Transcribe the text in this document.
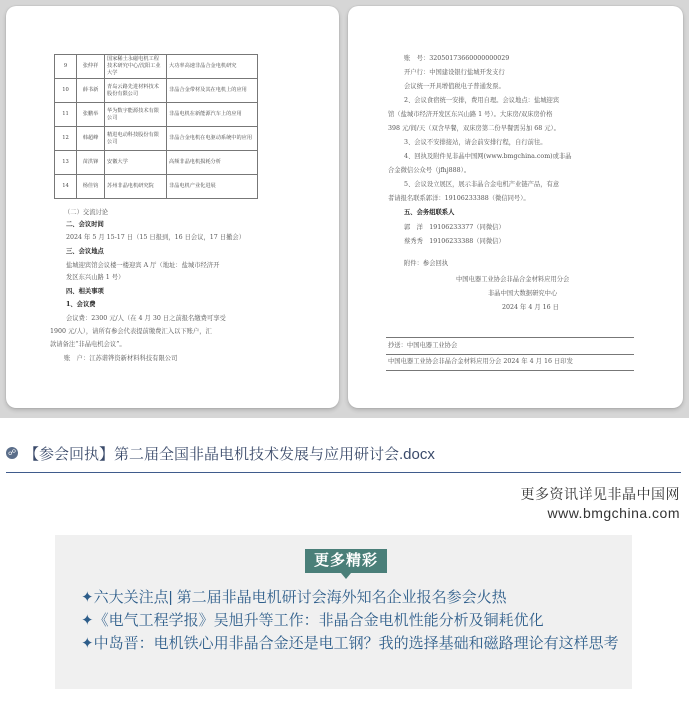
9	张仲祥	国家稀土永磁电机工程技术研究中心/沈阳工业大学	大功率高速非晶合金电机研究
10	薛书新	青岛云路先进材料技术股份有限公司	非晶合金带材及其在电机上的应用
11	张鹏举	华为数字能源技术有限公司	非晶电机在新能源汽车上的应用
12	韩超峰	精进电动科技股份有限公司	非晶合金电机在电驱动系统中的应用
13	苗洪锋	安徽大学	高频非晶电机损耗分析
14	杨佳钧	苏州非晶电机研究院	非晶电机产业化进展
（二）交流讨论
二、会议时间
2024 年 5 月 15-17 日（15 日报到，16 日会议，17 日撤会）
三、会议地点
盐城迎宾馆会议楼一楼迎宾 A 厅（地址：盐城市经济开
发区东兴山路 1 号）
四、相关事项
1、会议费
会议费：2300 元/人（在 4 月 30 日之前报名缴费可享受
1900 元/人），请所有参会代表提前缴费汇入以下账户，汇
款请备注“非晶电机会议”。
账　户：江苏谐铧资新材料科技有限公司
账　号：32050173660000000029
开户行：中国建设银行盐城开发支行
会议统一开具增值税电子普通发票。
2、会议食宿统一安排，费用自理。会议地点：盐城迎宾
馆（盐城市经济开发区东兴山路 1 号）。大床房/双床房价格
398 元/间/天（双含早餐，双床房第二份早餐需另加 68 元）。
3、会议不安排接站，请会前安排行程，自行前往。
4、回执及附件见非晶中国网(www.bmgchina.com)或非晶
合金微信公众号（jfhj888）。
5、会议设立展区，展示非晶合金电机产业链产品，有意
者请报名联系郭洋：19106233388（微信同号）。
五、会务组联系人
郭　洋　19106233377（同微信）
蔡秀秀　19106233388（同微信）
附件：参会回执
中国电器工业协会非晶合金材料应用分会
非晶中国大数据研究中心
2024 年 4 月 16 日
抄送：中国电器工业协会
中国电器工业协会非晶合金材料应用分会 2024 年 4 月 16 日印发
☍ 【参会回执】第二届全国非晶电机技术发展与应用研讨会.docx
更多资讯详见非晶中国网
www.bmgchina.com
更多精彩
✦六大关注点| 第二届非晶电机研讨会海外知名企业报名参会火热
✦《电气工程学报》吴旭升等工作：非晶合金电机性能分析及铜耗优化
✦中岛晋：电机铁心用非晶合金还是电工钢？我的选择基础和磁路理论有这样思考
